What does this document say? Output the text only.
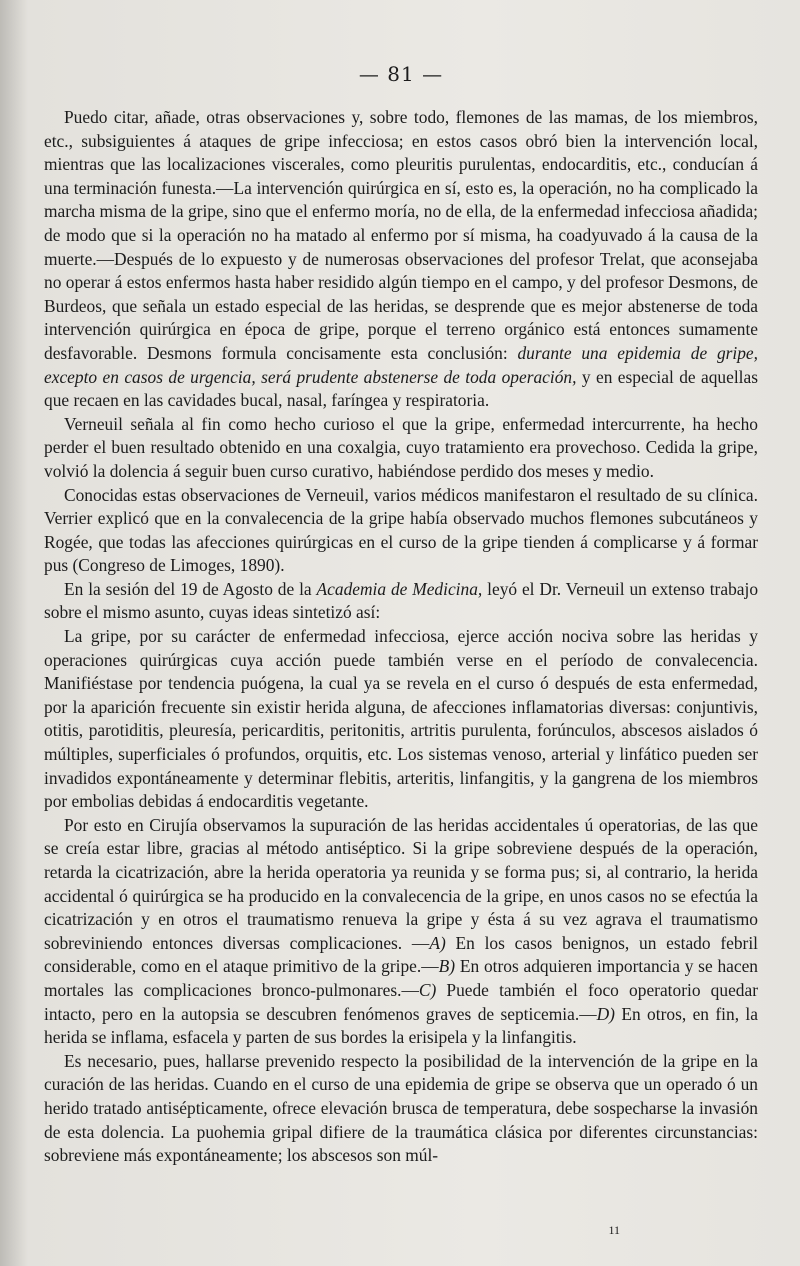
— 81 —

Puedo citar, añade, otras observaciones y, sobre todo, flemones de las mamas, de los miembros, etc., subsiguientes á ataques de gripe infecciosa; en estos casos obró bien la intervención local, mientras que las localizaciones viscerales, como pleuritis purulentas, endocarditis, etc., conducían á una terminación funesta.—La intervención quirúrgica en sí, esto es, la operación, no ha complicado la marcha misma de la gripe, sino que el enfermo moría, no de ella, de la enfermedad infecciosa añadida; de modo que si la operación no ha matado al enfermo por sí misma, ha coadyuvado á la causa de la muerte.—Después de lo expuesto y de numerosas observaciones del profesor Trelat, que aconsejaba no operar á estos enfermos hasta haber residido algún tiempo en el campo, y del profesor Desmons, de Burdeos, que señala un estado especial de las heridas, se desprende que es mejor abstenerse de toda intervención quirúrgica en época de gripe, porque el terreno orgánico está entonces sumamente desfavorable. Desmons formula concisamente esta conclusión: durante una epidemia de gripe, excepto en casos de urgencia, será prudente abstenerse de toda operación, y en especial de aquellas que recaen en las cavidades bucal, nasal, faríngea y respiratoria.

Verneuil señala al fin como hecho curioso el que la gripe, enfermedad intercurrente, ha hecho perder el buen resultado obtenido en una coxalgia, cuyo tratamiento era provechoso. Cedida la gripe, volvió la dolencia á seguir buen curso curativo, habiéndose perdido dos meses y medio.

Conocidas estas observaciones de Verneuil, varios médicos manifestaron el resultado de su clínica. Verrier explicó que en la convalecencia de la gripe había observado muchos flemones subcutáneos y Rogée, que todas las afecciones quirúrgicas en el curso de la gripe tienden á complicarse y á formar pus (Congreso de Limoges, 1890).

En la sesión del 19 de Agosto de la Academia de Medicina, leyó el Dr. Verneuil un extenso trabajo sobre el mismo asunto, cuyas ideas sintetizó así:

La gripe, por su carácter de enfermedad infecciosa, ejerce acción nociva sobre las heridas y operaciones quirúrgicas cuya acción puede también verse en el período de convalecencia. Manifiéstase por tendencia puógena, la cual ya se revela en el curso ó después de esta enfermedad, por la aparición frecuente sin existir herida alguna, de afecciones inflamatorias diversas: conjuntivis, otitis, parotiditis, pleuresía, pericarditis, peritonitis, artritis purulenta, forúnculos, abscesos aislados ó múltiples, superficiales ó profundos, orquitis, etc. Los sistemas venoso, arterial y linfático pueden ser invadidos expontáneamente y determinar flebitis, arteritis, linfangitis, y la gangrena de los miembros por embolias debidas á endocarditis vegetante.

Por esto en Cirujía observamos la supuración de las heridas accidentales ú operatorias, de las que se creía estar libre, gracias al método antiséptico. Si la gripe sobreviene después de la operación, retarda la cicatrización, abre la herida operatoria ya reunida y se forma pus; si, al contrario, la herida accidental ó quirúrgica se ha producido en la convalecencia de la gripe, en unos casos no se efectúa la cicatrización y en otros el traumatismo renueva la gripe y ésta á su vez agrava el traumatismo sobreviniendo entonces diversas complicaciones. —A) En los casos benignos, un estado febril considerable, como en el ataque primitivo de la gripe.—B) En otros adquieren importancia y se hacen mortales las complicaciones bronco-pulmonares.—C) Puede también el foco operatorio quedar intacto, pero en la autopsia se descubren fenómenos graves de septicemia.—D) En otros, en fin, la herida se inflama, esfacela y parten de sus bordes la erisipela y la linfangitis.

Es necesario, pues, hallarse prevenido respecto la posibilidad de la intervención de la gripe en la curación de las heridas. Cuando en el curso de una epidemia de gripe se observa que un operado ó un herido tratado antisépticamente, ofrece elevación brusca de temperatura, debe sospecharse la invasión de esta dolencia. La puohemia gripal difiere de la traumática clásica por diferentes circunstancias: sobreviene más expontáneamente; los abscesos son múl-

11
